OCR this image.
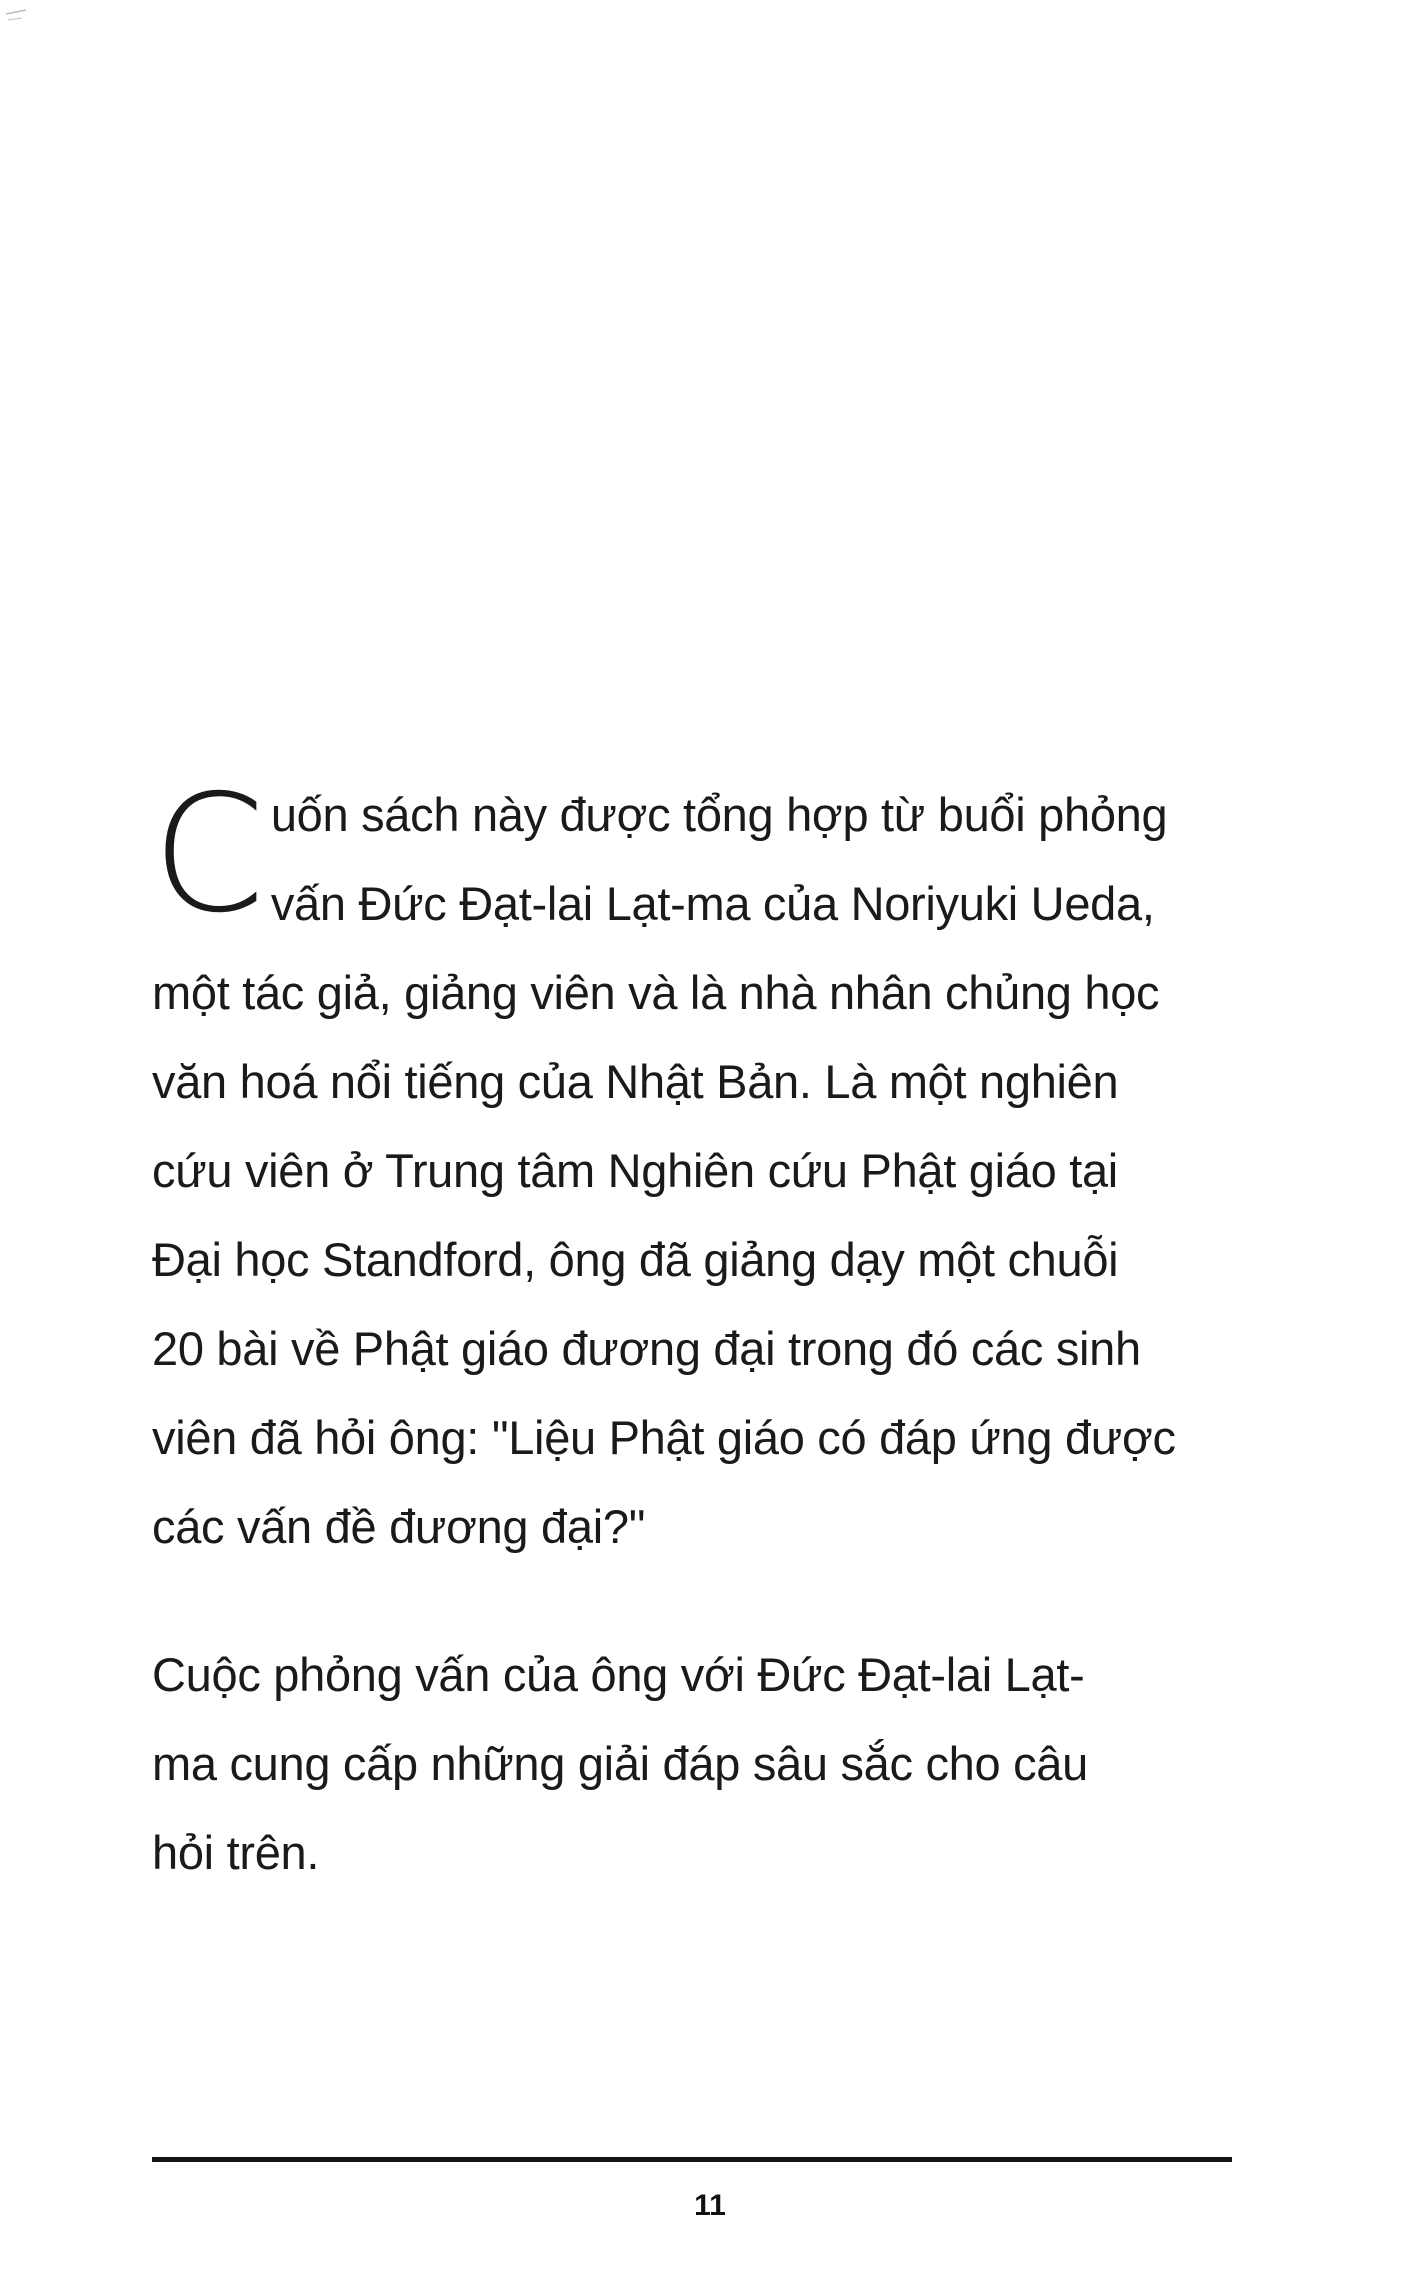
C uốn sách này được tổng hợp từ buổi phỏng
vấn Đức Đạt-lai Lạt-ma của Noriyuki Ueda,
một tác giả, giảng viên và là nhà nhân chủng học
văn hoá nổi tiếng của Nhật Bản. Là một nghiên
cứu viên ở Trung tâm Nghiên cứu Phật giáo tại
Đại học Standford, ông đã giảng dạy một chuỗi
20 bài về Phật giáo đương đại trong đó các sinh
viên đã hỏi ông: "Liệu Phật giáo có đáp ứng được
các vấn đề đương đại?"
Cuộc phỏng vấn của ông với Đức Đạt-lai Lạt-
ma cung cấp những giải đáp sâu sắc cho câu
hỏi trên.
11
